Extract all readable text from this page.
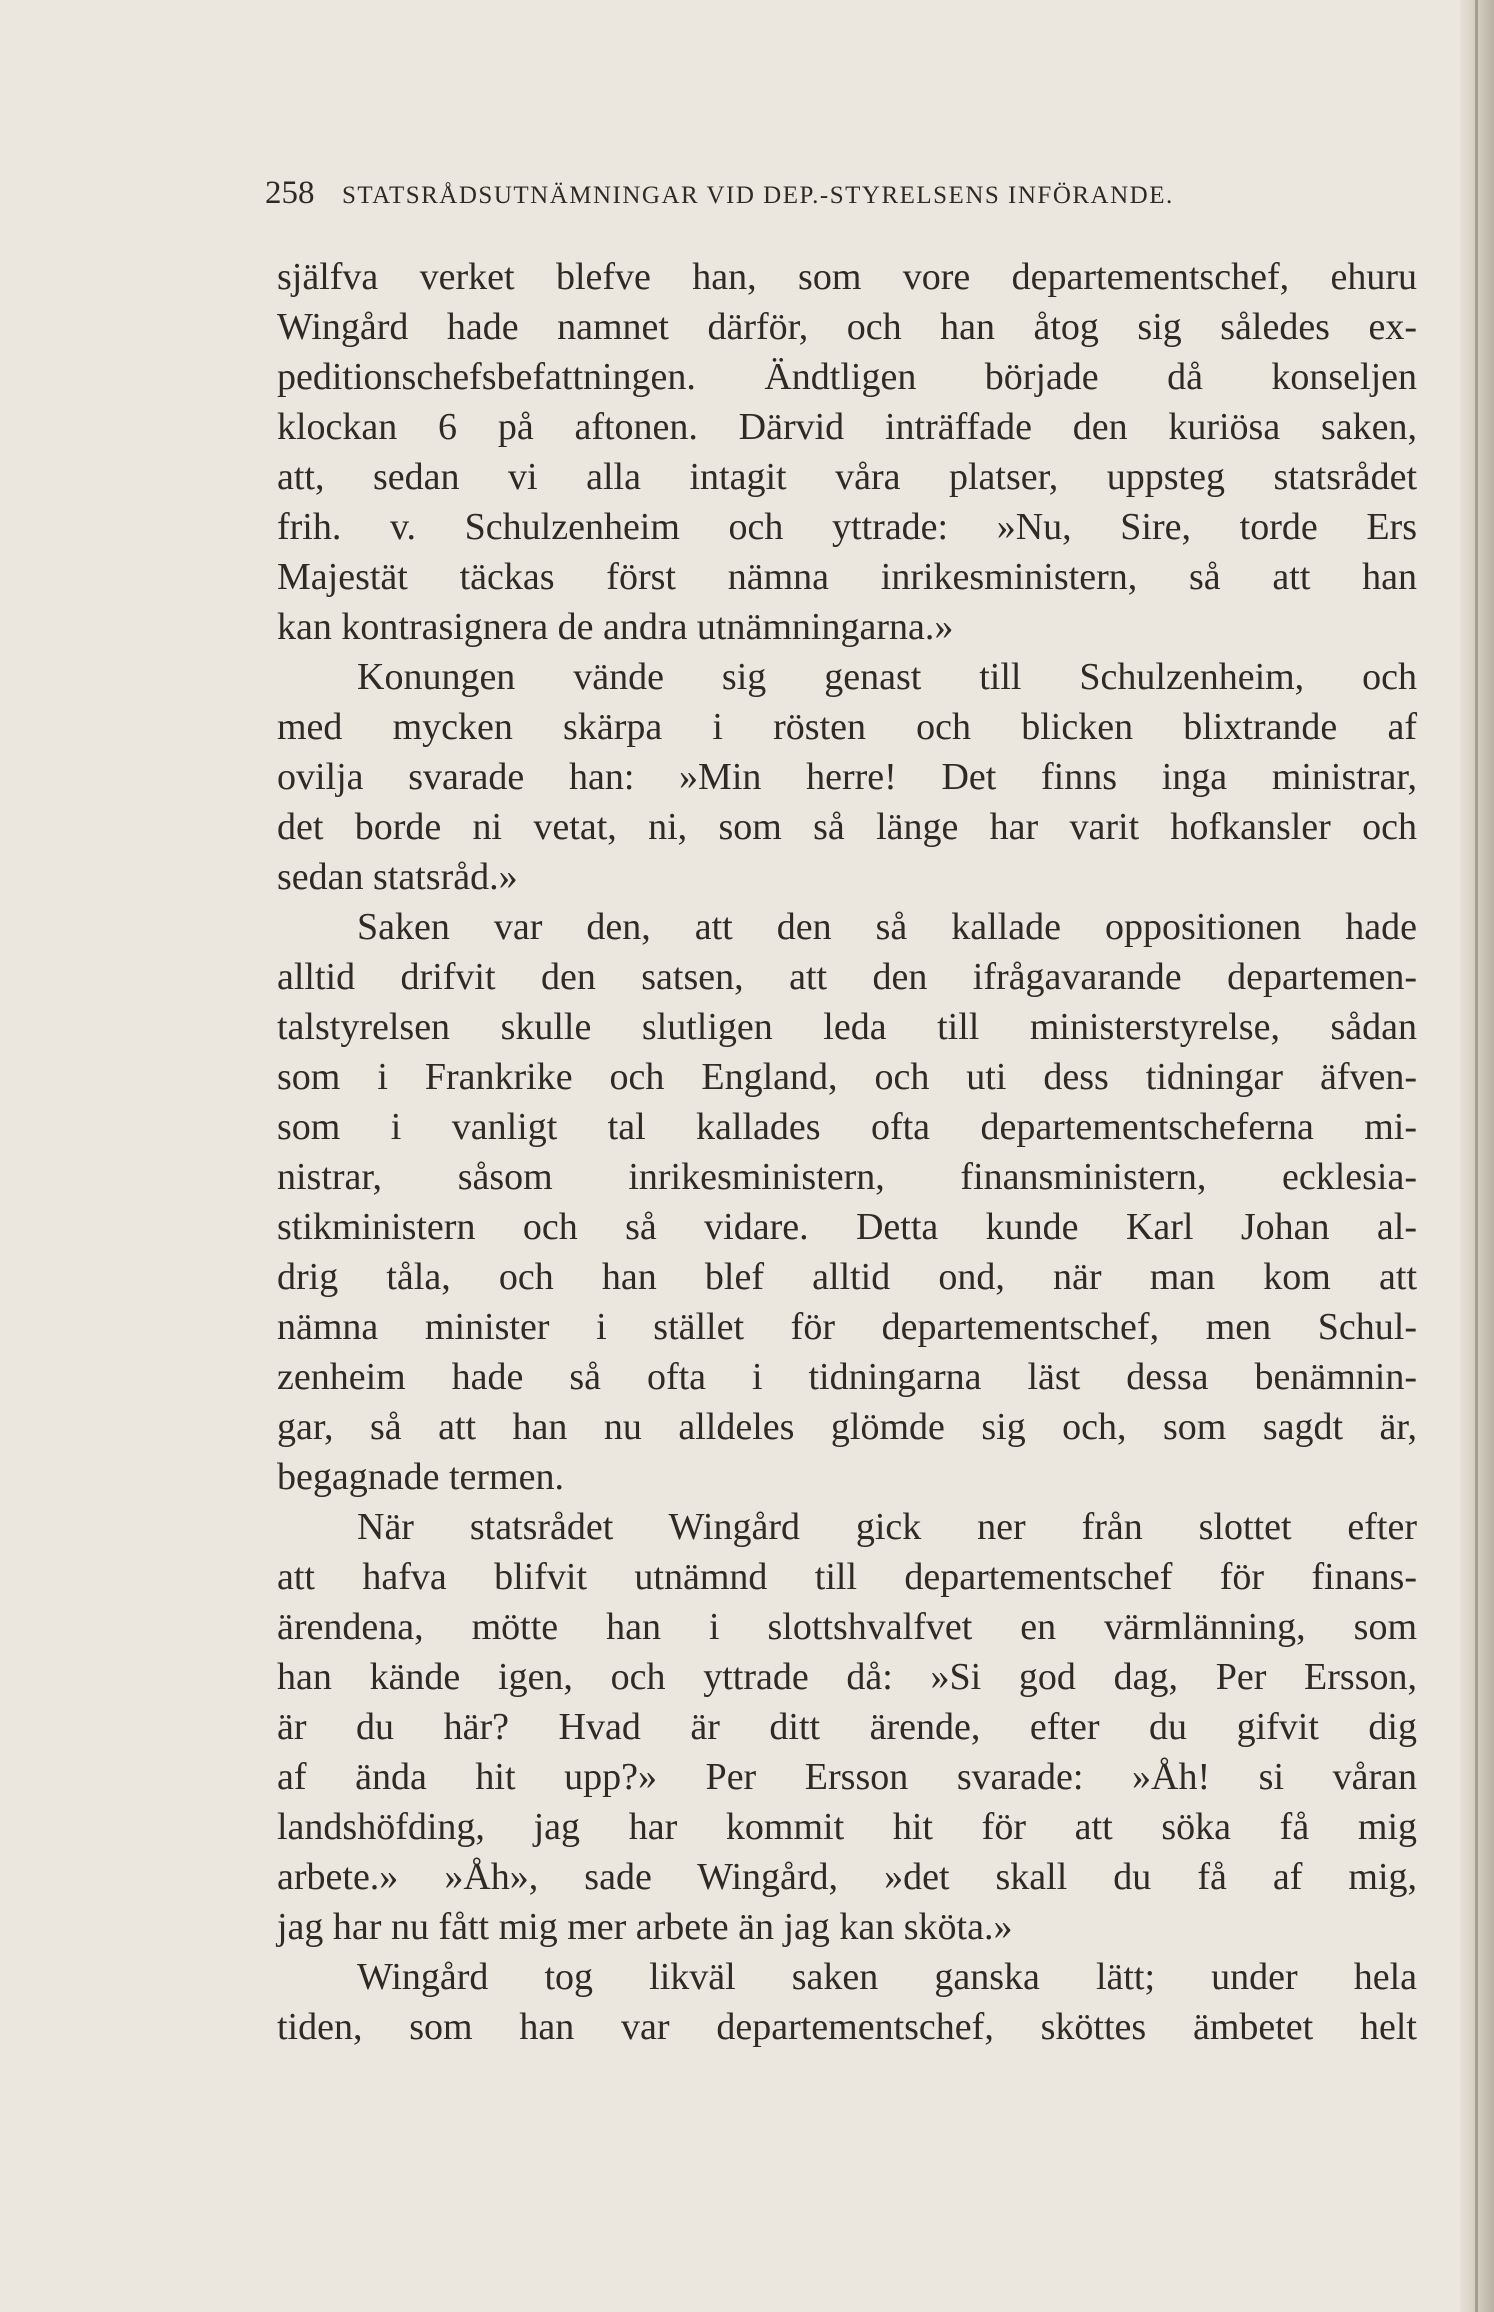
258 STATSRÅDSUTNÄMNINGAR VID DEP.-STYRELSENS INFÖRANDE.
själfva verket blefve han, som vore departementschef, ehuru
Wingård hade namnet därför, och han åtog sig således ex-
peditionschefsbefattningen. Ändtligen började då konseljen
klockan 6 på aftonen. Därvid inträffade den kuriösa saken,
att, sedan vi alla intagit våra platser, uppsteg statsrådet
frih. v. Schulzenheim och yttrade: »Nu, Sire, torde Ers
Majestät täckas först nämna inrikesministern, så att han
kan kontrasignera de andra utnämningarna.»
Konungen vände sig genast till Schulzenheim, och
med mycken skärpa i rösten och blicken blixtrande af
ovilja svarade han: »Min herre! Det finns inga ministrar,
det borde ni vetat, ni, som så länge har varit hofkansler och
sedan statsråd.»
Saken var den, att den så kallade oppositionen hade
alltid drifvit den satsen, att den ifrågavarande departemen-
talstyrelsen skulle slutligen leda till ministerstyrelse, sådan
som i Frankrike och England, och uti dess tidningar äfven-
som i vanligt tal kallades ofta departementscheferna mi-
nistrar, såsom inrikesministern, finansministern, ecklesia-
stikministern och så vidare. Detta kunde Karl Johan al-
drig tåla, och han blef alltid ond, när man kom att
nämna minister i stället för departementschef, men Schul-
zenheim hade så ofta i tidningarna läst dessa benämnin-
gar, så att han nu alldeles glömde sig och, som sagdt är,
begagnade termen.
När statsrådet Wingård gick ner från slottet efter
att hafva blifvit utnämnd till departementschef för finans-
ärendena, mötte han i slottshvalfvet en värmlänning, som
han kände igen, och yttrade då: »Si god dag, Per Ersson,
är du här? Hvad är ditt ärende, efter du gifvit dig
af ända hit upp?» Per Ersson svarade: »Åh! si våran
landshöfding, jag har kommit hit för att söka få mig
arbete.» »Åh», sade Wingård, »det skall du få af mig,
jag har nu fått mig mer arbete än jag kan sköta.»
Wingård tog likväl saken ganska lätt; under hela
tiden, som han var departementschef, sköttes ämbetet helt
